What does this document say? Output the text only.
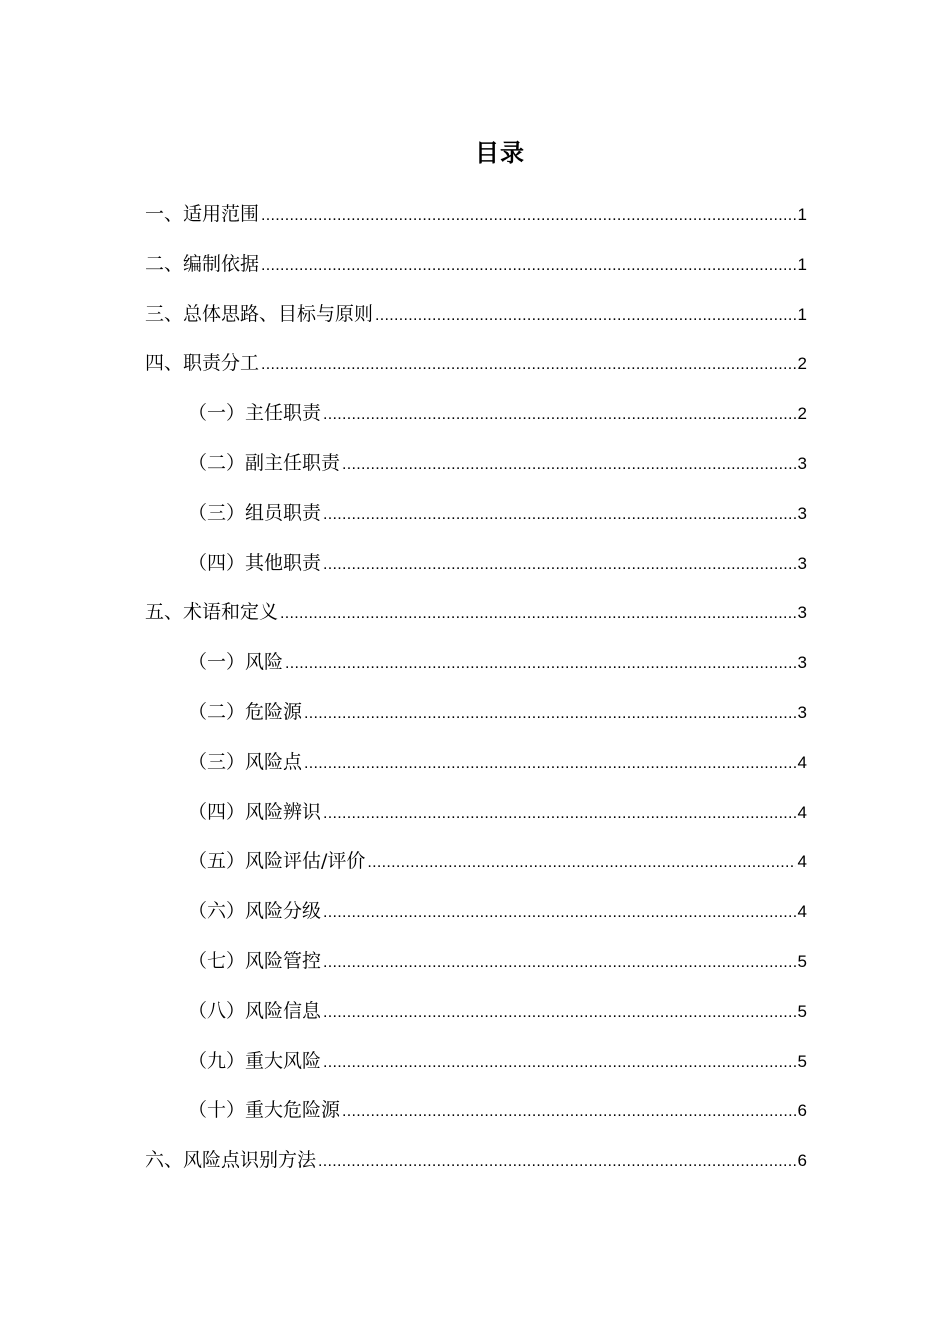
目录
一、适用范围 .....	1
二、编制依据 .....	1
三、总体思路、目标与原则 .....	1
四、职责分工 .....	2
（一）主任职责 .....	2
（二）副主任职责 .....	3
（三）组员职责 .....	3
（四）其他职责 .....	3
五、术语和定义 .....	3
（一）风险 .....	3
（二）危险源 .....	3
（三）风险点 .....	4
（四）风险辨识 .....	4
（五）风险评估/评价 .....	4
（六）风险分级 .....	4
（七）风险管控 .....	5
（八）风险信息 .....	5
（九）重大风险 .....	5
（十）重大危险源 .....	6
六、风险点识别方法 .....	6
